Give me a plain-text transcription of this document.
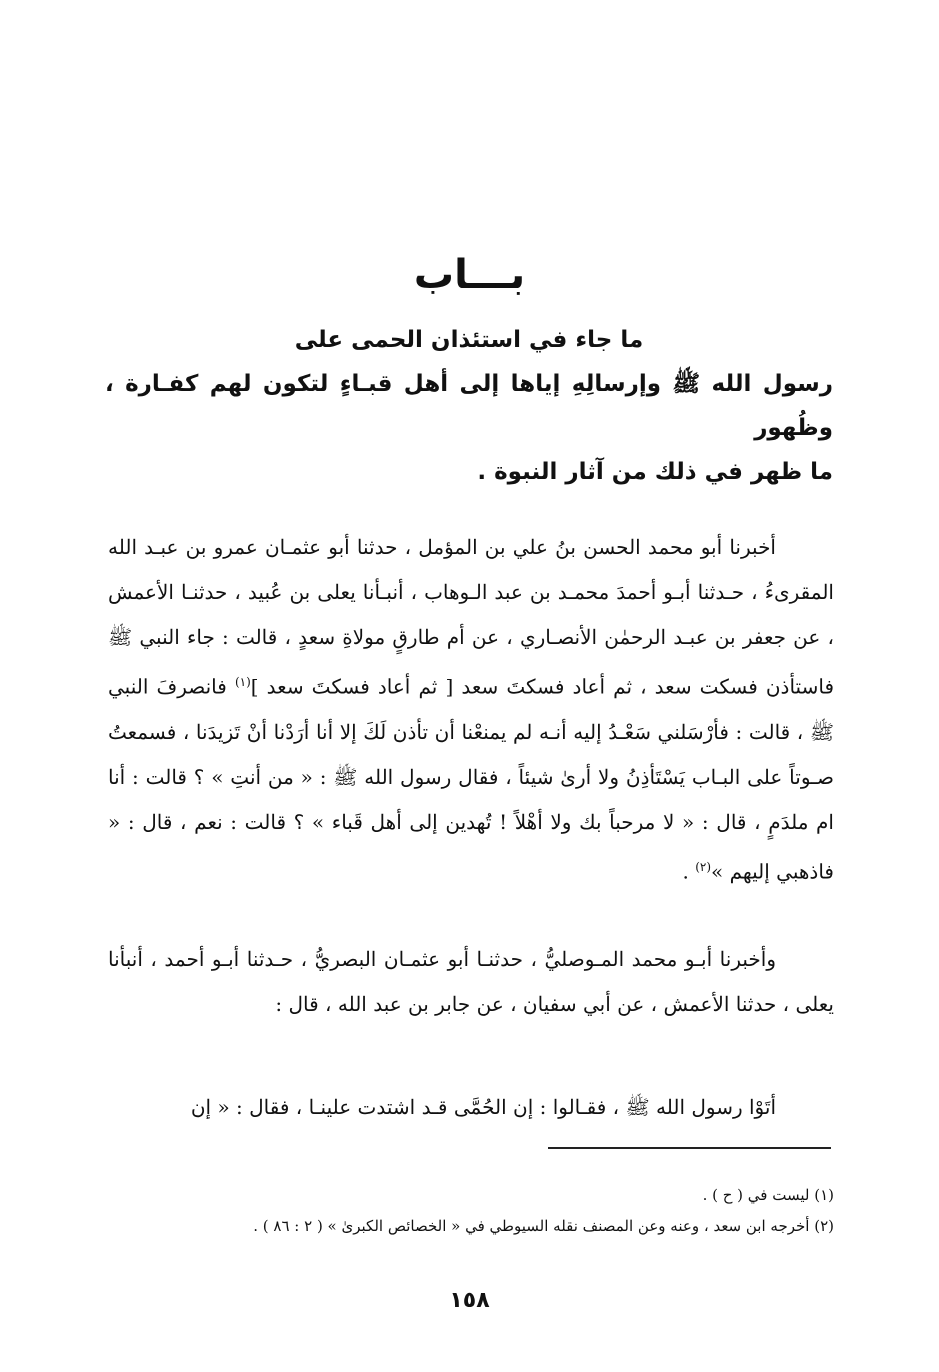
بـــاب
ما جاء في استئذان الحمى على
رسول الله ﷺ وإرسالِهِ إياها إلى أهل قبـاءٍ لتكون لهم كفـارة ، وظُهور
ما ظهر في ذلك من آثار النبوة .
أخبرنا أبو محمد الحسن بنُ علي بن المؤمل ، حدثنا أبو عثمـان عمرو بن عبـد الله المقرىءُ ، حـدثنا أبـو أحمدَ محمـد بن عبد الـوهاب ، أنبـأنا يعلى بن عُبيد ، حدثنـا الأعمش ، عن جعفر بن عبـد الرحمٰن الأنصـاري ، عن أم طارقٍ مولاةِ سعدٍ ، قالت : جاء النبي ﷺ فاستأذن فسكت سعد ، ثم أعاد فسكتَ سعد [ ثم أعاد فسكتَ سعد ]$^{(١)}$ فانصرفَ النبي ﷺ ، قالت : فأرْسَلني سَعْـدُ إليه أنـه لم يمنعْنا أن تأذن لَكَ إلا أنا أرَدْنا أنْ تَزيدَنا ، فسمعتُ صـوتاً على البـاب يَسْتَأذِنُ ولا أرىٰ شيئاً ، فقال رسول الله ﷺ : « من أنتِ » ؟ قالت : أنا ام ملدَمٍ ، قال : « لا مرحباً بك ولا أهْلاً ! تُهدين إلى أهل قَباء » ؟ قالت : نعم ، قال : « فاذهبي إليهم »$^{(٢)}$ .
وأخبرنا أبـو محمد المـوصليُّ ، حدثنـا أبو عثمـان البصريُّ ، حـدثنا أبـو أحمد ، أنبأنا يعلى ، حدثنا الأعمش ، عن أبي سفيان ، عن جابر بن عبد الله ، قال :
أتَوْا رسول الله ﷺ ، فقـالوا : إن الحُمَّى قـد اشتدت علينـا ، فقال : « إن
(١) ليست في ( ح ) .
(٢) أخرجه ابن سعد ، وعنه وعن المصنف نقله السيوطي في « الخصائص الكبرىٰ » ( ٢ : ٨٦ ) .
١٥٨
